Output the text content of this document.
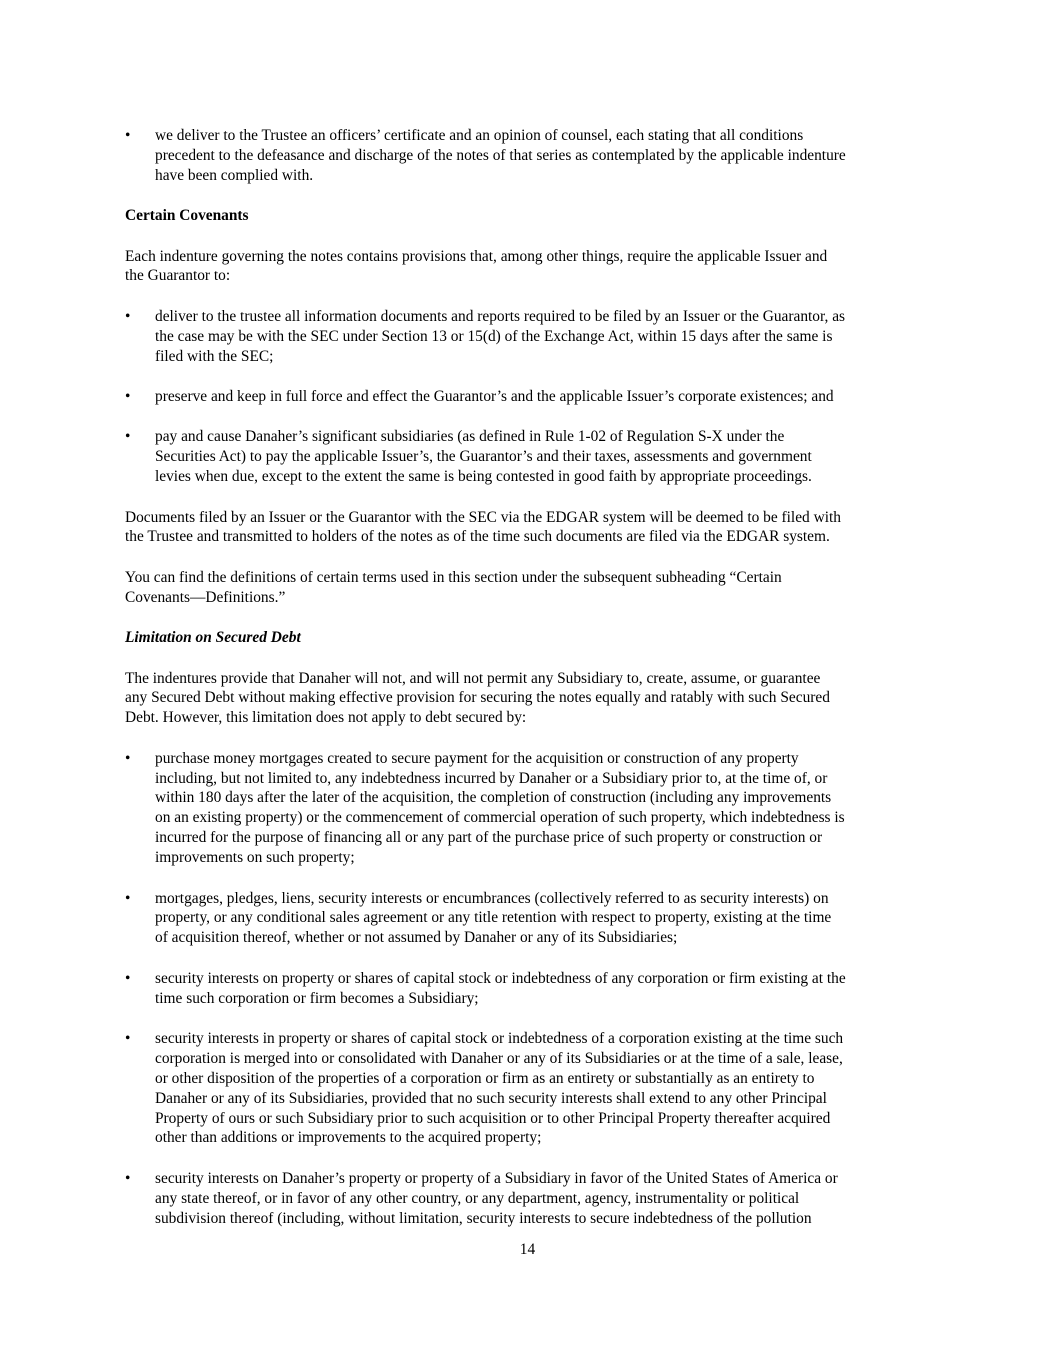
• we deliver to the Trustee an officers’ certificate and an opinion of counsel, each stating that all conditions
precedent to the defeasance and discharge of the notes of that series as contemplated by the applicable indenture
have been complied with.
Certain Covenants
Each indenture governing the notes contains provisions that, among other things, require the applicable Issuer and
the Guarantor to:
• deliver to the trustee all information documents and reports required to be filed by an Issuer or the Guarantor, as
the case may be with the SEC under Section 13 or 15(d) of the Exchange Act, within 15 days after the same is
filed with the SEC;
• preserve and keep in full force and effect the Guarantor’s and the applicable Issuer’s corporate existences; and
• pay and cause Danaher’s significant subsidiaries (as defined in Rule 1-02 of Regulation S-X under the
Securities Act) to pay the applicable Issuer’s, the Guarantor’s and their taxes, assessments and government
levies when due, except to the extent the same is being contested in good faith by appropriate proceedings.
Documents filed by an Issuer or the Guarantor with the SEC via the EDGAR system will be deemed to be filed with
the Trustee and transmitted to holders of the notes as of the time such documents are filed via the EDGAR system.
You can find the definitions of certain terms used in this section under the subsequent subheading “Certain
Covenants—Definitions.”
Limitation on Secured Debt
The indentures provide that Danaher will not, and will not permit any Subsidiary to, create, assume, or guarantee
any Secured Debt without making effective provision for securing the notes equally and ratably with such Secured
Debt. However, this limitation does not apply to debt secured by:
• purchase money mortgages created to secure payment for the acquisition or construction of any property
including, but not limited to, any indebtedness incurred by Danaher or a Subsidiary prior to, at the time of, or
within 180 days after the later of the acquisition, the completion of construction (including any improvements
on an existing property) or the commencement of commercial operation of such property, which indebtedness is
incurred for the purpose of financing all or any part of the purchase price of such property or construction or
improvements on such property;
• mortgages, pledges, liens, security interests or encumbrances (collectively referred to as security interests) on
property, or any conditional sales agreement or any title retention with respect to property, existing at the time
of acquisition thereof, whether or not assumed by Danaher or any of its Subsidiaries;
• security interests on property or shares of capital stock or indebtedness of any corporation or firm existing at the
time such corporation or firm becomes a Subsidiary;
• security interests in property or shares of capital stock or indebtedness of a corporation existing at the time such
corporation is merged into or consolidated with Danaher or any of its Subsidiaries or at the time of a sale, lease,
or other disposition of the properties of a corporation or firm as an entirety or substantially as an entirety to
Danaher or any of its Subsidiaries, provided that no such security interests shall extend to any other Principal
Property of ours or such Subsidiary prior to such acquisition or to other Principal Property thereafter acquired
other than additions or improvements to the acquired property;
• security interests on Danaher’s property or property of a Subsidiary in favor of the United States of America or
any state thereof, or in favor of any other country, or any department, agency, instrumentality or political
subdivision thereof (including, without limitation, security interests to secure indebtedness of the pollution
14
